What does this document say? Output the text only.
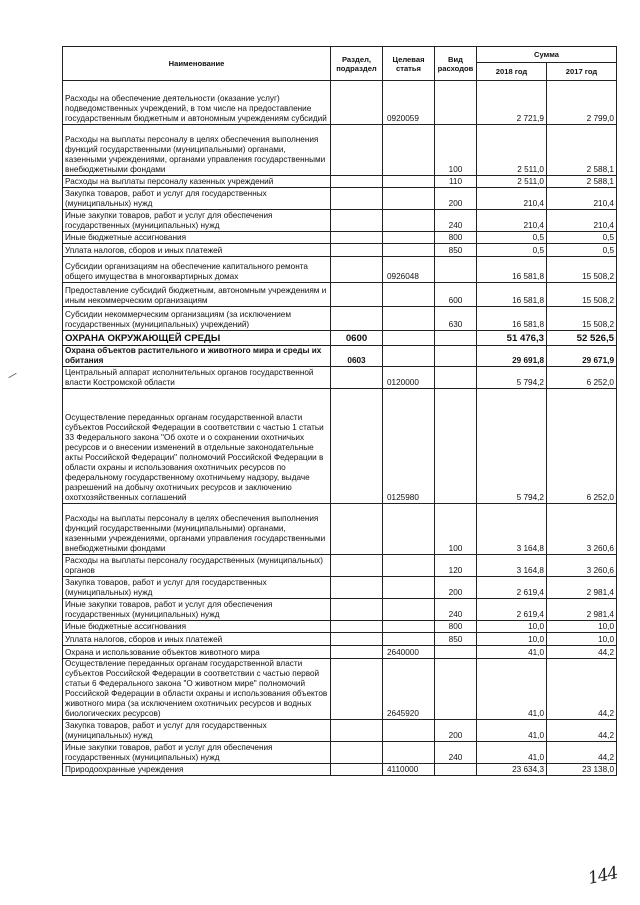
Наименование	Раздел, подраздел	Целевая статья	Вид расходов	Сумма	
				2018 год	2017 год
Расходы на обеспечение деятельности (оказание услуг) подведомственных учреждений, в том числе на предоставление государственным бюджетным и автономным учреждениям субсидий		0920059		2 721,9	2 799,0
Расходы на выплаты персоналу в целях обеспечения выполнения функций государственными (муниципальными) органами, казенными учреждениями, органами управления государственными внебюджетными фондами			100	2 511,0	2 588,1
Расходы на выплаты персоналу казенных учреждений			110	2 511,0	2 588,1
Закупка товаров, работ и услуг для государственных (муниципальных) нужд			200	210,4	210,4
Иные закупки товаров, работ и услуг для обеспечения государственных (муниципальных) нужд			240	210,4	210,4
Иные бюджетные ассигнования			800	0,5	0,5
Уплата налогов, сборов и иных платежей			850	0,5	0,5
Субсидии организациям на обеспечение капитального ремонта общего имущества в многоквартирных домах		0926048		16 581,8	15 508,2
Предоставление субсидий бюджетным, автономным учреждениям и иным некоммерческим организациям			600	16 581,8	15 508,2
Субсидии некоммерческим организациям (за исключением государственных (муниципальных) учреждений)			630	16 581,8	15 508,2
ОХРАНА ОКРУЖАЮЩЕЙ СРЕДЫ	0600			51 476,3	52 526,5
Охрана объектов растительного и животного мира и среды их обитания	0603			29 691,8	29 671,9
Центральный аппарат исполнительных органов государственной власти Костромской области		0120000		5 794,2	6 252,0
Осуществление переданных органам государственной власти субъектов Российской Федерации в соответствии с частью 1 статьи 33 Федерального закона "Об охоте и о сохранении охотничьих ресурсов и о внесении изменений в отдельные законодательные акты Российской Федерации" полномочий Российской Федерации в области охраны и использования охотничьих ресурсов по федеральному государственному охотничьему надзору, выдаче разрешений на добычу охотничьих ресурсов и заключению охотхозяйственных соглашений		0125980		5 794,2	6 252,0
Расходы на выплаты персоналу в целях обеспечения выполнения функций государственными (муниципальными) органами, казенными учреждениями, органами управления государственными внебюджетными фондами			100	3 164,8	3 260,6
Расходы на выплаты персоналу государственных (муниципальных) органов			120	3 164,8	3 260,6
Закупка товаров, работ и услуг для государственных (муниципальных) нужд			200	2 619,4	2 981,4
Иные закупки товаров, работ и услуг для обеспечения государственных (муниципальных) нужд			240	2 619,4	2 981,4
Иные бюджетные ассигнования			800	10,0	10,0
Уплата налогов, сборов и иных платежей			850	10,0	10,0
Охрана и использование объектов животного мира		2640000		41,0	44,2
Осуществление переданных органам государственной власти субъектов Российской Федерации в соответствии с частью первой статьи 6 Федерального закона "О животном мире" полномочий Российской Федерации в области охраны и использования объектов животного мира (за исключением охотничьих ресурсов и водных биологических ресурсов)		2645920		41,0	44,2
Закупка товаров, работ и услуг для государственных (муниципальных) нужд			200	41,0	44,2
Иные закупки товаров, работ и услуг для обеспечения государственных (муниципальных) нужд			240	41,0	44,2
Природоохранные учреждения		4110000		23 634,3	23 138,0
144
